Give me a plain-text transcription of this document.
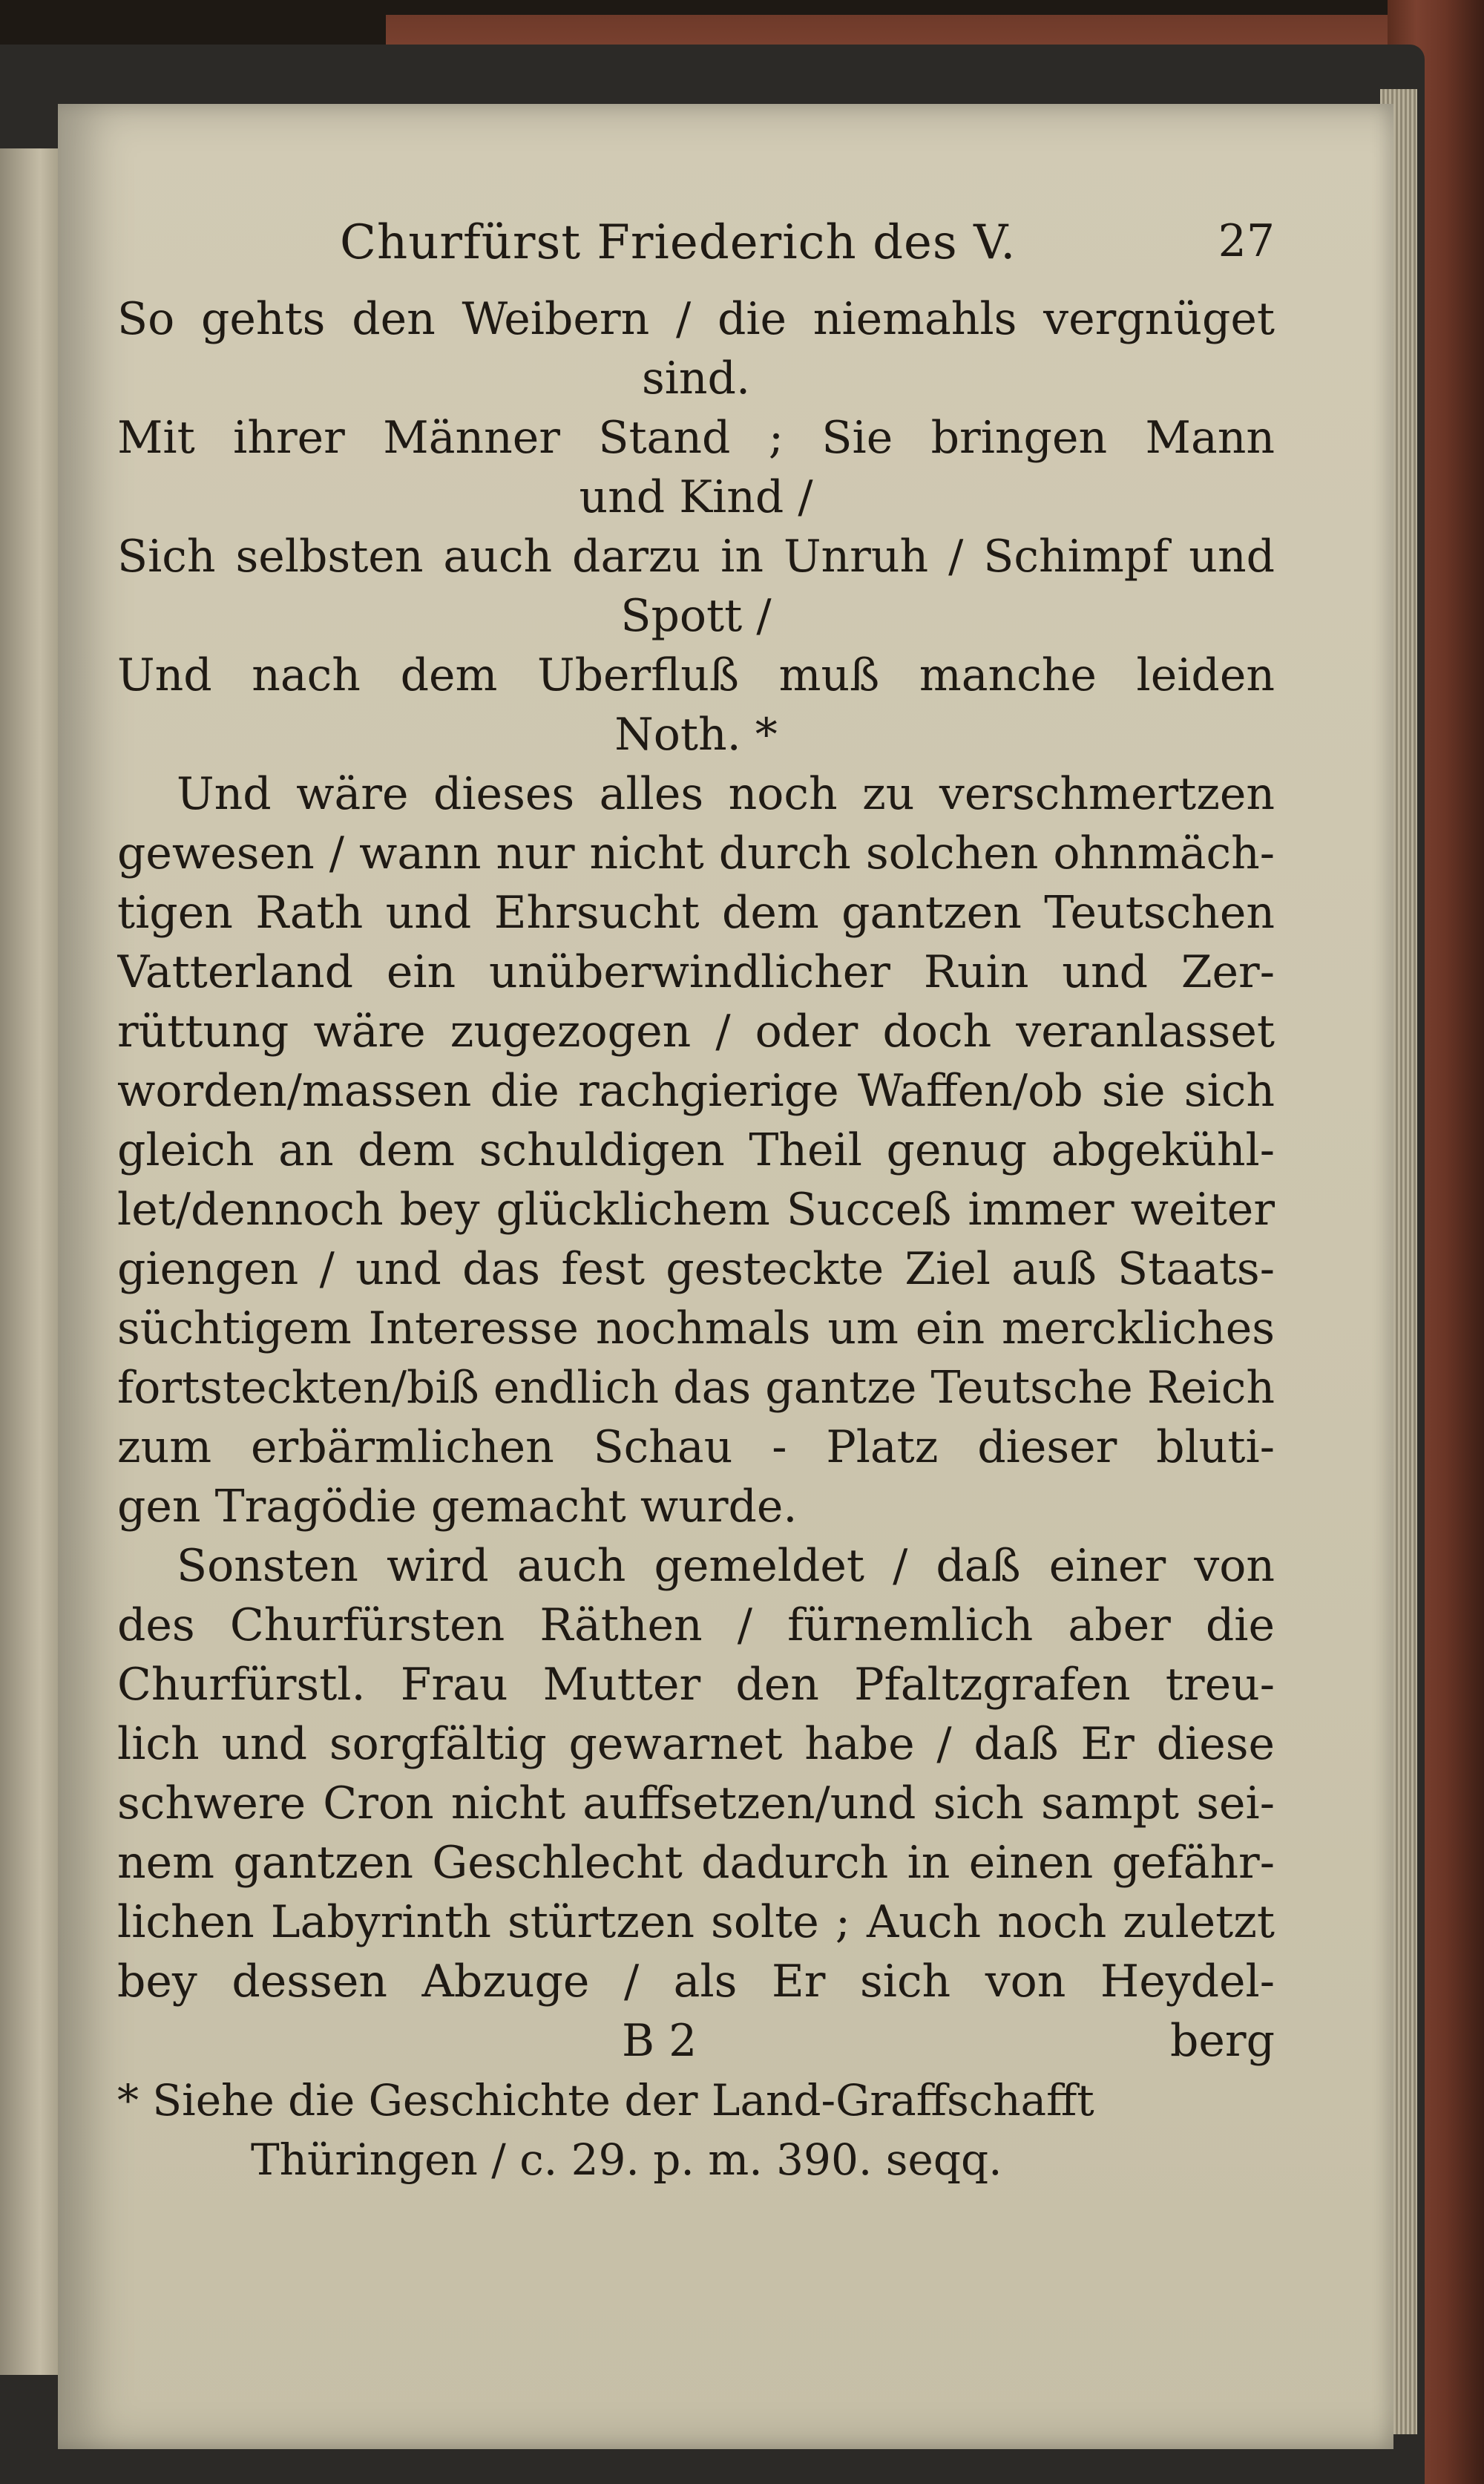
Churfürst Friederich des V.	27
So gehts den Weibern / die niemahls vergnüget
sind.
Mit ihrer Männer Stand ; Sie bringen Mann
und Kind /
Sich selbsten auch darzu in Unruh / Schimpf und
Spott /
Und nach dem Uberfluß muß manche leiden
Noth. *
Und wäre dieses alles noch zu verschmertzen
gewesen / wann nur nicht durch solchen ohnmäch-
tigen Rath und Ehrsucht dem gantzen Teutschen
Vatterland ein unüberwindlicher Ruin und Zer-
rüttung wäre zugezogen / oder doch veranlasset
worden/massen die rachgierige Waffen/ob sie sich
gleich an dem schuldigen Theil genug abgekühl-
let/dennoch bey glücklichem Succeß immer weiter
giengen / und das fest gesteckte Ziel auß Staats-
süchtigem Interesse nochmals um ein merckliches
fortsteckten/biß endlich das gantze Teutsche Reich
zum erbärmlichen Schau - Platz dieser bluti-
gen Tragödie gemacht wurde.
Sonsten wird auch gemeldet / daß einer von
des Churfürsten Räthen / fürnemlich aber die
Churfürstl. Frau Mutter den Pfaltzgrafen treu-
lich und sorgfältig gewarnet habe / daß Er diese
schwere Cron nicht auffsetzen/und sich sampt sei-
nem gantzen Geschlecht dadurch in einen gefähr-
lichen Labyrinth stürtzen solte ; Auch noch zuletzt
bey dessen Abzuge / als Er sich von Heydel-
B 2	berg
* Siehe die Geschichte der Land-Graffschafft
Thüringen / c. 29. p. m. 390. seqq.
